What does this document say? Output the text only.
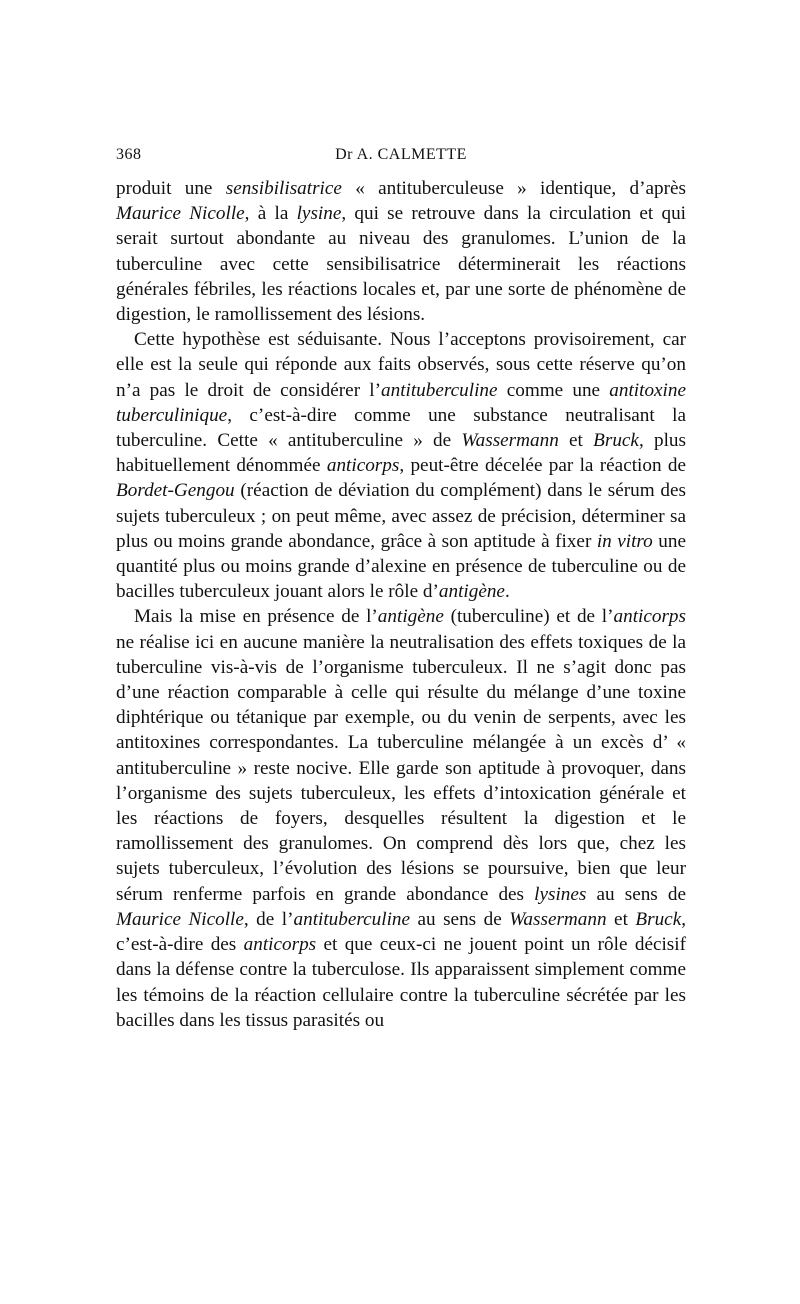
368	Dr A. CALMETTE

produit une sensibilisatrice « antituberculeuse » identique, d’après Maurice Nicolle, à la lysine, qui se retrouve dans la circulation et qui serait surtout abondante au niveau des granulomes. L’union de la tuberculine avec cette sensibilisatrice déterminerait les réactions générales fébriles, les réactions locales et, par une sorte de phénomène de digestion, le ramollissement des lésions.

Cette hypothèse est séduisante. Nous l’acceptons provisoirement, car elle est la seule qui réponde aux faits observés, sous cette réserve qu’on n’a pas le droit de considérer l’antituberculine comme une antitoxine tuberculinique, c’est-à-dire comme une substance neutralisant la tuberculine. Cette « antituberculine » de Wassermann et Bruck, plus habituellement dénommée anticorps, peut-être décelée par la réaction de Bordet-Gengou (réaction de déviation du complément) dans le sérum des sujets tuberculeux ; on peut même, avec assez de précision, déterminer sa plus ou moins grande abondance, grâce à son aptitude à fixer in vitro une quantité plus ou moins grande d’alexine en présence de tuberculine ou de bacilles tuberculeux jouant alors le rôle d’antigène.

Mais la mise en présence de l’antigène (tuberculine) et de l’anticorps ne réalise ici en aucune manière la neutralisation des effets toxiques de la tuberculine vis-à-vis de l’organisme tuberculeux. Il ne s’agit donc pas d’une réaction comparable à celle qui résulte du mélange d’une toxine diphtérique ou tétanique par exemple, ou du venin de serpents, avec les antitoxines correspondantes. La tuberculine mélangée à un excès d’ « antituberculine » reste nocive. Elle garde son aptitude à provoquer, dans l’organisme des sujets tuberculeux, les effets d’intoxication générale et les réactions de foyers, desquelles résultent la digestion et le ramollissement des granulomes. On comprend dès lors que, chez les sujets tuberculeux, l’évolution des lésions se poursuive, bien que leur sérum renferme parfois en grande abondance des lysines au sens de Maurice Nicolle, de l’antituberculine au sens de Wassermann et Bruck, c’est-à-dire des anticorps et que ceux-ci ne jouent point un rôle décisif dans la défense contre la tuberculose. Ils apparaissent simplement comme les témoins de la réaction cellulaire contre la tuberculine sécrétée par les bacilles dans les tissus parasités ou
